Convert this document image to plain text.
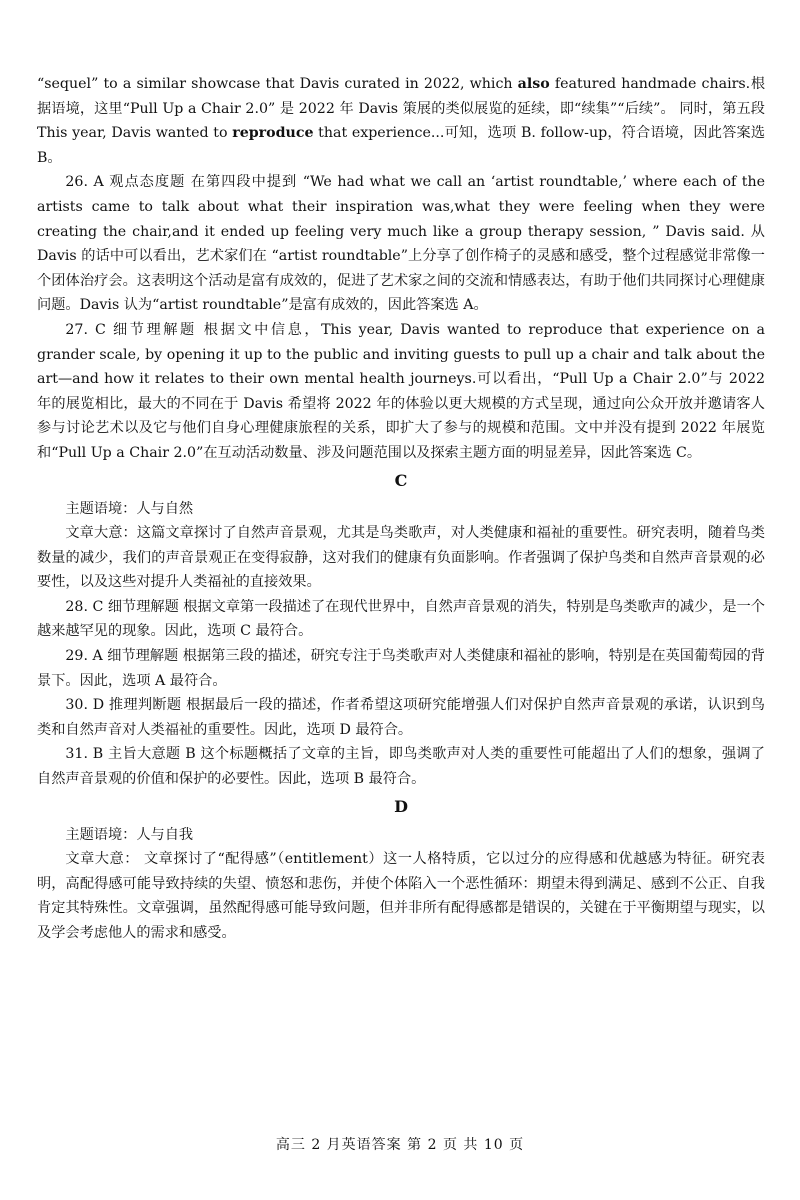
“sequel” to a similar showcase that Davis curated in 2022, which also featured handmade chairs.根据语境，这里“Pull Up a Chair 2.0” 是 2022 年 Davis 策展的类似展览的延续，即“续集”“后续”。 同时，第五段 This year, Davis wanted to reproduce that experience...可知，选项 B. follow-up，符合语境，因此答案选 B。

26. A 观点态度题 在第四段中提到 “We had what we call an ‘artist roundtable,’ where each of the artists came to talk about what their inspiration was,what they were feeling when they were creating the chair,and it ended up feeling very much like a group therapy session, ” Davis said. 从 Davis 的话中可以看出，艺术家们在 “artist roundtable”上分享了创作椅子的灵感和感受，整个过程感觉非常像一个团体治疗会。这表明这个活动是富有成效的，促进了艺术家之间的交流和情感表达，有助于他们共同探讨心理健康问题。Davis 认为“artist roundtable”是富有成效的，因此答案选 A。

27. C 细节理解题 根据文中信息，This year, Davis wanted to reproduce that experience on a grander scale, by opening it up to the public and inviting guests to pull up a chair and talk about the art—and how it relates to their own mental health journeys.可以看出，“Pull Up a Chair 2.0”与 2022 年的展览相比，最大的不同在于 Davis 希望将 2022 年的体验以更大规模的方式呈现，通过向公众开放并邀请客人参与讨论艺术以及它与他们自身心理健康旅程的关系，即扩大了参与的规模和范围。文中并没有提到 2022 年展览和“Pull Up a Chair 2.0”在互动活动数量、涉及问题范围以及探索主题方面的明显差异，因此答案选 C。

C

主题语境：人与自然

文章大意：这篇文章探讨了自然声音景观，尤其是鸟类歌声，对人类健康和福祉的重要性。研究表明，随着鸟类数量的减少，我们的声音景观正在变得寂静，这对我们的健康有负面影响。作者强调了保护鸟类和自然声音景观的必要性，以及这些对提升人类福祉的直接效果。

28. C 细节理解题 根据文章第一段描述了在现代世界中，自然声音景观的消失，特别是鸟类歌声的减少，是一个越来越罕见的现象。因此，选项 C 最符合。

29. A 细节理解题 根据第三段的描述，研究专注于鸟类歌声对人类健康和福祉的影响，特别是在英国葡萄园的背景下。因此，选项 A 最符合。

30. D 推理判断题 根据最后一段的描述，作者希望这项研究能增强人们对保护自然声音景观的承诺，认识到鸟类和自然声音对人类福祉的重要性。因此，选项 D 最符合。

31. B 主旨大意题 B 这个标题概括了文章的主旨，即鸟类歌声对人类的重要性可能超出了人们的想象，强调了自然声音景观的价值和保护的必要性。因此，选项 B 最符合。

D

主题语境：人与自我

文章大意： 文章探讨了“配得感”（entitlement）这一人格特质，它以过分的应得感和优越感为特征。研究表明，高配得感可能导致持续的失望、愤怒和悲伤，并使个体陷入一个恶性循环：期望未得到满足、感到不公正、自我肯定其特殊性。文章强调，虽然配得感可能导致问题，但并非所有配得感都是错误的，关键在于平衡期望与现实，以及学会考虑他人的需求和感受。

高三 2 月英语答案 第 2 页 共 10 页
